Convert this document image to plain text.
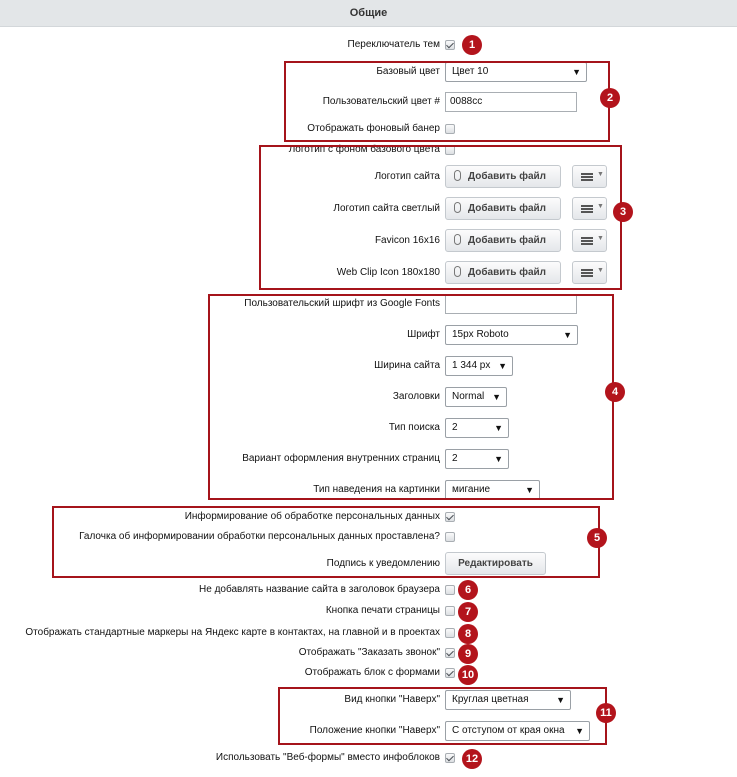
Общие
Переключатель тем
Базовый цвет	Цвет 10	▼
Пользовательский цвет #	0088cc
Отображать фоновый банер
Логотип с фоном базового цвета
Логотип сайта	Добавить файл	▼
Логотип сайта светлый	Добавить файл	▼
Favicon 16x16	Добавить файл	▼
Web Clip Icon 180x180	Добавить файл	▼
Пользовательский шрифт из Google Fonts
Шрифт	15px Roboto	▼
Ширина сайта	1 344 px ▼
Заголовки	Normal ▼
Тип поиска	2	▼
Вариант оформления внутренних страниц	2	▼
Тип наведения на картинки	мигание	▼
Информирование об обработке персональных данных
Галочка об информировании обработки персональных данных проставлена?
Подпись к уведомлению	Редактировать
Не добавлять название сайта в заголовок браузера
Кнопка печати страницы
Отображать стандартные маркеры на Яндекс карте в контактах, на главной и в проектах
Отображать "Заказать звонок"
Отображать блок с формами
Вид кнопки "Наверх"	Круглая цветная	▼
Положение кнопки "Наверх"	С отступом от края окна ▼
Использовать "Веб-формы" вместо инфоблоков
1
2
3
4
5
6
7
8
9
10
11
12
